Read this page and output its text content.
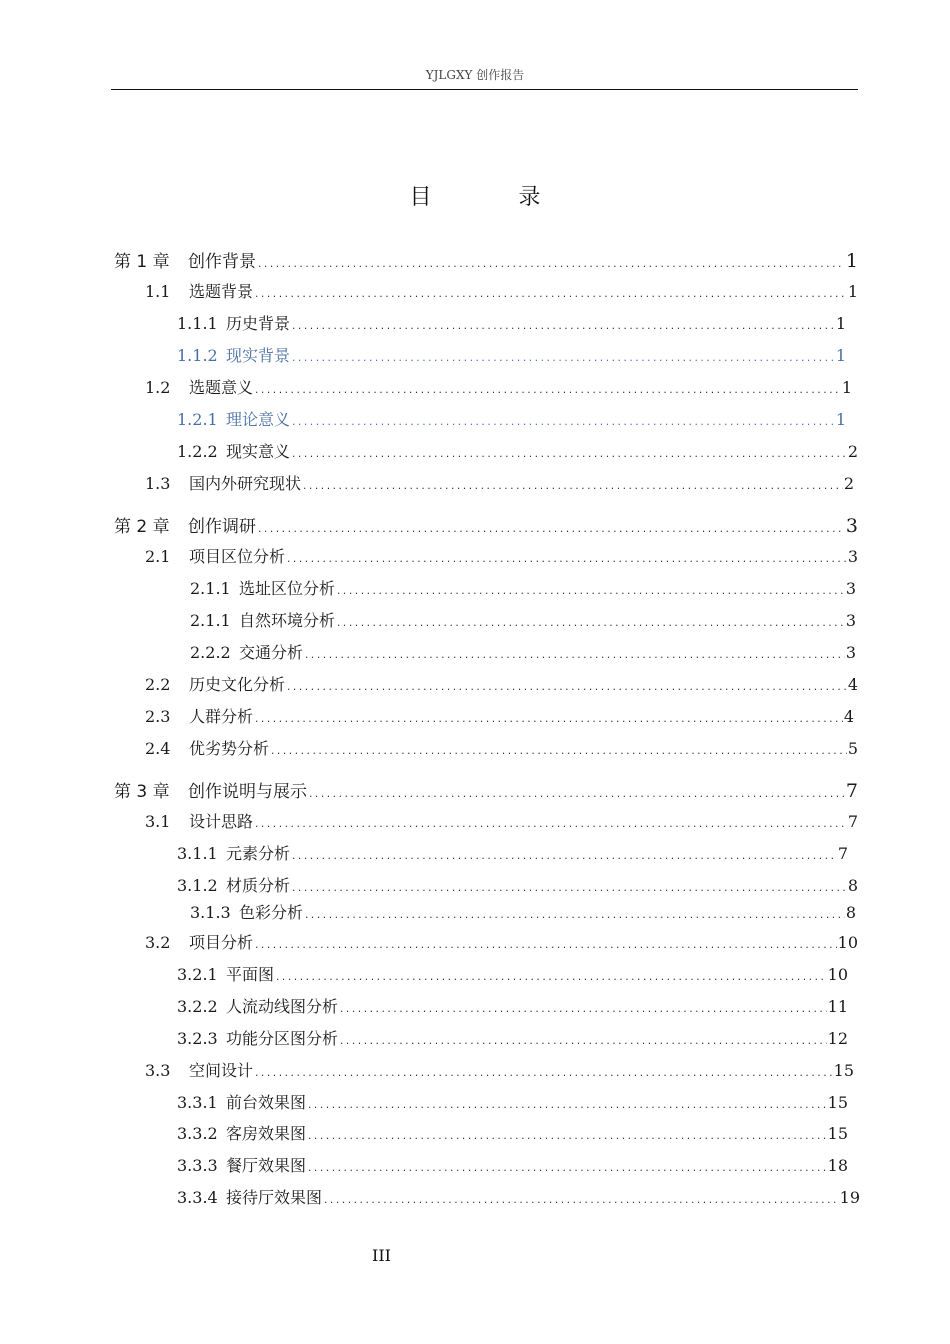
YJLGXY 创作报告
目 录
第 1 章	创作背景 .....	1
1.1	选题背景 .....	1
1.1.1 历史背景 .....	1
1.1.2 现实背景 .....	1
1.2	选题意义 .....	1
1.2.1 理论意义 .....	1
1.2.2 现实意义 .....	2
1.3	国内外研究现状 .....	2
第 2 章	创作调研 .....	3
2.1	项目区位分析 .....	3
2.1.1 选址区位分析 .....	3
2.1.1 自然环境分析 .....	3
2.2.2 交通分析 .....	3
2.2	历史文化分析 .....	4
2.3	人群分析 .....	4
2.4	优劣势分析 .....	5
第 3 章	创作说明与展示 .....	7
3.1	设计思路 .....	7
3.1.1 元素分析 .....	7
3.1.2 材质分析 .....	8
3.1.3 色彩分析 .....	8
3.2	项目分析 .....	10
3.2.1 平面图 .....	10
3.2.2 人流动线图分析 .....	11
3.2.3 功能分区图分析 .....	12
3.3	空间设计 .....	15
3.3.1 前台效果图 .....	15
3.3.2 客房效果图 .....	15
3.3.3 餐厅效果图 .....	18
3.3.4 接待厅效果图 .....	19
III
